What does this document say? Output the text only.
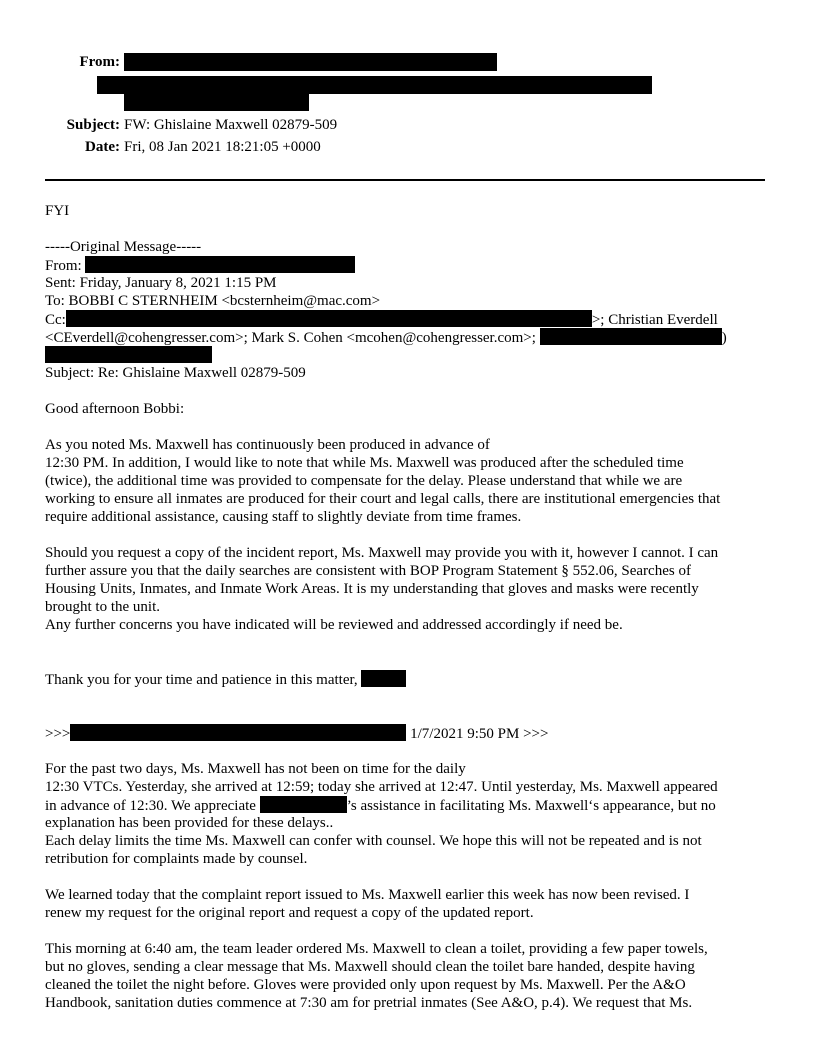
From:
Subject: FW: Ghislaine Maxwell 02879-509
Date: Fri, 08 Jan 2021 18:21:05 +0000
FYI
-----Original Message-----
From:
Sent: Friday, January 8, 2021 1:15 PM
To: BOBBI C STERNHEIM <bcsternheim@mac.com>
Cc:	>; Christian Everdell
<CEverdell@cohengresser.com>; Mark S. Cohen <mcohen@cohengresser.com>;	)
Subject: Re: Ghislaine Maxwell 02879-509
Good afternoon Bobbi:
As you noted Ms. Maxwell has continuously been produced in advance of
12:30 PM. In addition, I would like to note that while Ms. Maxwell was produced after the scheduled time
(twice), the additional time was provided to compensate for the delay. Please understand that while we are
working to ensure all inmates are produced for their court and legal calls, there are institutional emergencies that
require additional assistance, causing staff to slightly deviate from time frames.
Should you request a copy of the incident report, Ms. Maxwell may provide you with it, however I cannot. I can
further assure you that the daily searches are consistent with BOP Program Statement § 552.06, Searches of
Housing Units, Inmates, and Inmate Work Areas. It is my understanding that gloves and masks were recently
brought to the unit.
Any further concerns you have indicated will be reviewed and addressed accordingly if need be.
Thank you for your time and patience in this matter,
>>>	1/7/2021 9:50 PM >>>
For the past two days, Ms. Maxwell has not been on time for the daily
12:30 VTCs. Yesterday, she arrived at 12:59; today she arrived at 12:47. Until yesterday, Ms. Maxwell appeared
in advance of 12:30. We appreciate	’s assistance in facilitating Ms. Maxwell‘s appearance, but no
explanation has been provided for these delays..
Each delay limits the time Ms. Maxwell can confer with counsel. We hope this will not be repeated and is not
retribution for complaints made by counsel.
We learned today that the complaint report issued to Ms. Maxwell earlier this week has now been revised. I
renew my request for the original report and request a copy of the updated report.
This morning at 6:40 am, the team leader ordered Ms. Maxwell to clean a toilet, providing a few paper towels,
but no gloves, sending a clear message that Ms. Maxwell should clean the toilet bare handed, despite having
cleaned the toilet the night before. Gloves were provided only upon request by Ms. Maxwell. Per the A&O
Handbook, sanitation duties commence at 7:30 am for pretrial inmates (See A&O, p.4). We request that Ms.
